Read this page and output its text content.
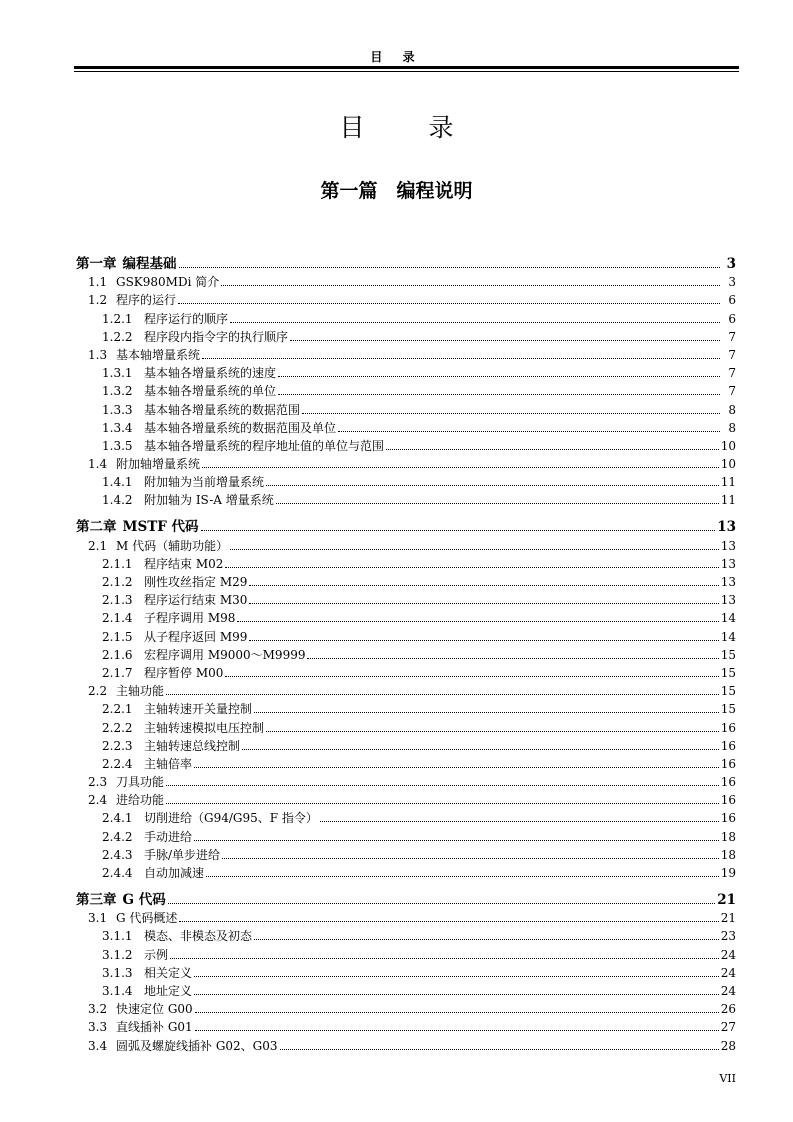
目 录
目 录
第一篇　编程说明
第一章 编程基础	3
1.1 GSK980MDi 简介	3
1.2 程序的运行	6
1.2.1 程序运行的顺序	6
1.2.2 程序段内指令字的执行顺序	7
1.3 基本轴增量系统	7
1.3.1 基本轴各增量系统的速度	7
1.3.2 基本轴各增量系统的单位	7
1.3.3 基本轴各增量系统的数据范围	8
1.3.4 基本轴各增量系统的数据范围及单位	8
1.3.5 基本轴各增量系统的程序地址值的单位与范围	10
1.4 附加轴增量系统	10
1.4.1 附加轴为当前增量系统	11
1.4.2 附加轴为 IS-A 增量系统	11
第二章 MSTF 代码	13
2.1 M 代码（辅助功能）	13
2.1.1 程序结束 M02	13
2.1.2 刚性攻丝指定 M29	13
2.1.3 程序运行结束 M30	13
2.1.4 子程序调用 M98	14
2.1.5 从子程序返回 M99	14
2.1.6 宏程序调用 M9000～M9999	15
2.1.7 程序暂停 M00	15
2.2 主轴功能	15
2.2.1 主轴转速开关量控制	15
2.2.2 主轴转速模拟电压控制	16
2.2.3 主轴转速总线控制	16
2.2.4 主轴倍率	16
2.3 刀具功能	16
2.4 进给功能	16
2.4.1 切削进给（G94/G95、F 指令）	16
2.4.2 手动进给	18
2.4.3 手脉/单步进给	18
2.4.4 自动加减速	19
第三章 G 代码	21
3.1 G 代码概述	21
3.1.1 模态、非模态及初态	23
3.1.2 示例	24
3.1.3 相关定义	24
3.1.4 地址定义	24
3.2 快速定位 G00	26
3.3 直线插补 G01	27
3.4 圆弧及螺旋线插补 G02、G03	28
VII
